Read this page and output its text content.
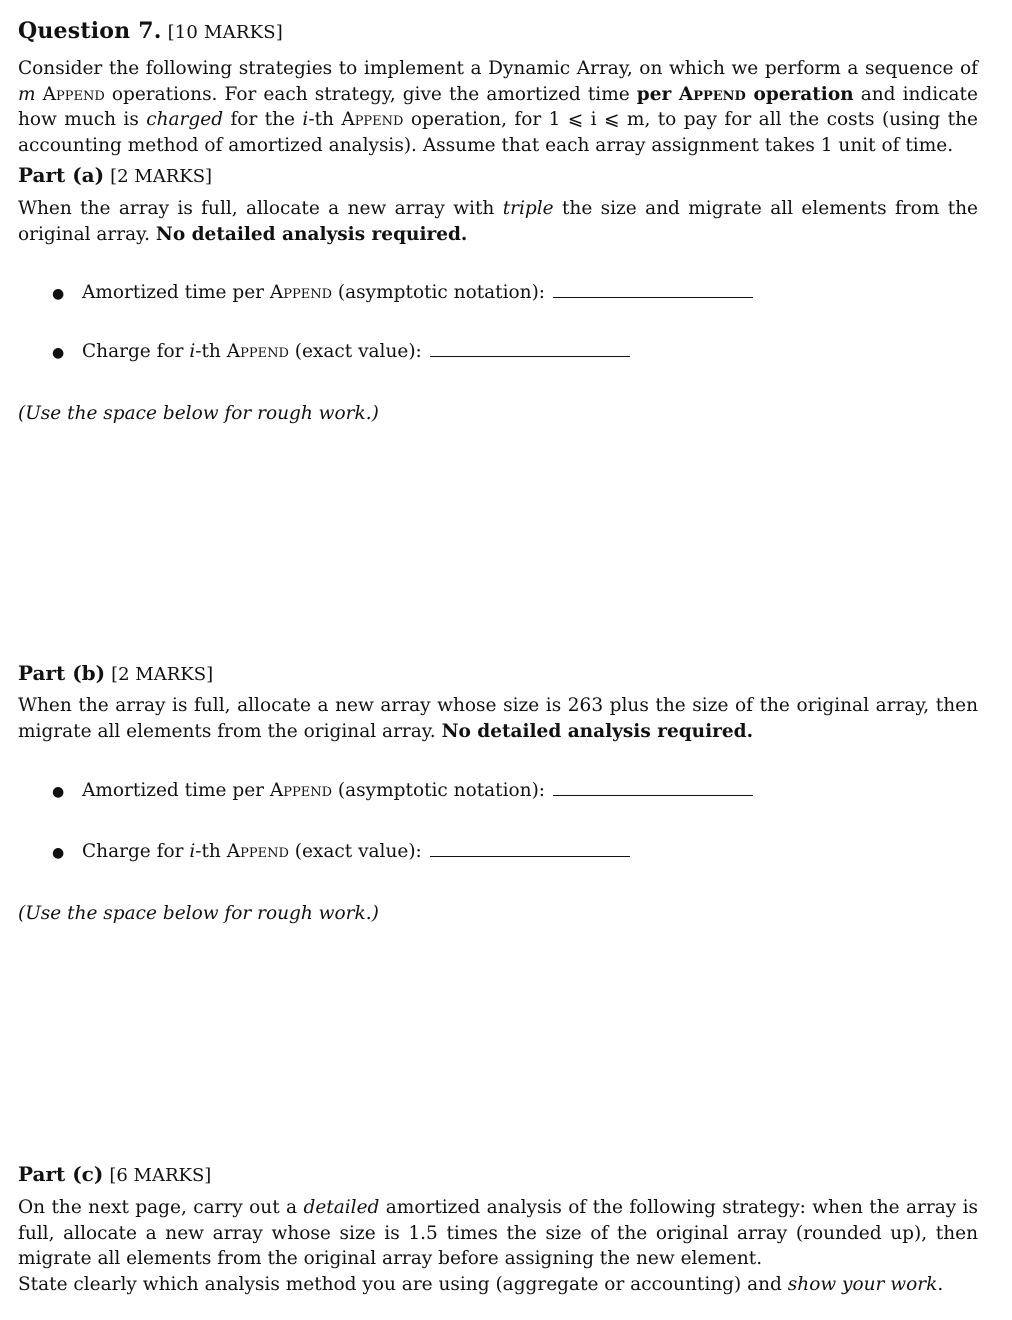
Question 7. [10 MARKS]
Consider the following strategies to implement a Dynamic Array, on which we perform a sequence of m Append operations. For each strategy, give the amortized time per Append operation and indicate how much is charged for the i-th Append operation, for 1 ⩽ i ⩽ m, to pay for all the costs (using the accounting method of amortized analysis). Assume that each array assignment takes 1 unit of time.
Part (a) [2 MARKS]
When the array is full, allocate a new array with triple the size and migrate all elements from the original array. No detailed analysis required.
● Amortized time per Append (asymptotic notation):
● Charge for i-th Append (exact value):
(Use the space below for rough work.)
Part (b) [2 MARKS]
When the array is full, allocate a new array whose size is 263 plus the size of the original array, then migrate all elements from the original array. No detailed analysis required.
● Amortized time per Append (asymptotic notation):
● Charge for i-th Append (exact value):
(Use the space below for rough work.)
Part (c) [6 MARKS]
On the next page, carry out a detailed amortized analysis of the following strategy: when the array is full, allocate a new array whose size is 1.5 times the size of the original array (rounded up), then migrate all elements from the original array before assigning the new element.
State clearly which analysis method you are using (aggregate or accounting) and show your work.
